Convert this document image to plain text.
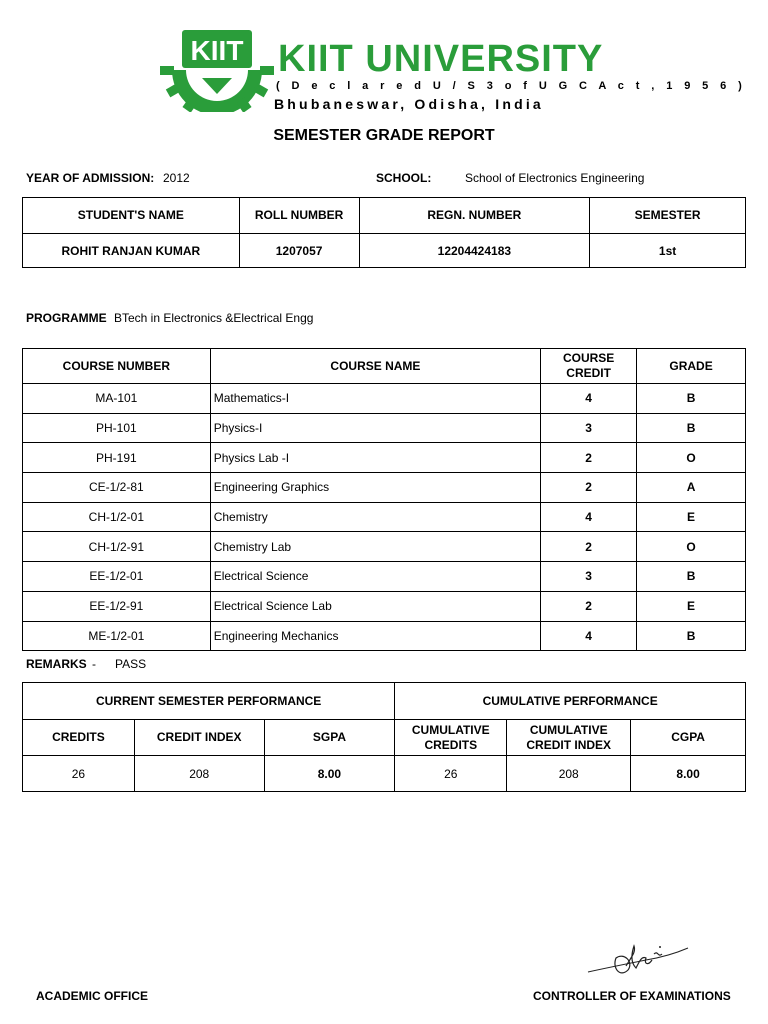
KIIT KIIT UNIVERSITY
( D e c l a r e d U / S 3 o f U G C A c t , 1 9 5 6 )
Bhubaneswar, Odisha, India
SEMESTER GRADE REPORT
YEAR OF ADMISSION: 2012	SCHOOL:	School of Electronics Engineering
STUDENT'S NAME	ROLL NUMBER	REGN. NUMBER	SEMESTER
ROHIT RANJAN KUMAR	1207057	12204424183	1st
PROGRAMME BTech in Electronics &Electrical Engg
COURSE NUMBER	COURSE NAME	COURSE CREDIT	GRADE
MA-101	Mathematics-I	4	B
PH-101	Physics-I	3	B
PH-191	Physics Lab -I	2	O
CE-1/2-81	Engineering Graphics	2	A
CH-1/2-01	Chemistry	4	E
CH-1/2-91	Chemistry Lab	2	O
EE-1/2-01	Electrical Science	3	B
EE-1/2-91	Electrical Science Lab	2	E
ME-1/2-01	Engineering Mechanics	4	B
REMARKS - PASS
CURRENT SEMESTER PERFORMANCE			CUMULATIVE PERFORMANCE		
CREDITS	CREDIT INDEX	SGPA	CUMULATIVE CREDITS	CUMULATIVE CREDIT INDEX	CGPA
26	208	8.00	26	208	8.00
ACADEMIC OFFICE	CONTROLLER OF EXAMINATIONS
